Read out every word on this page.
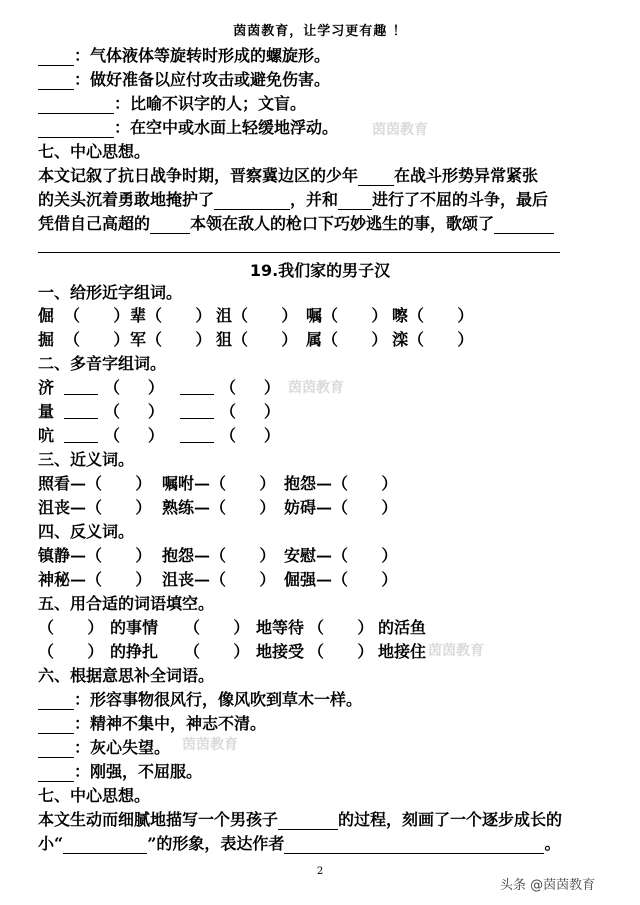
茵茵教育，让学习更有趣 ！
：气体液体等旋转时形成的螺旋形。
：做好准备以应付攻击或避免伤害。
：比喻不识字的人；文盲。
：在空中或水面上轻缓地浮动。	茵茵教育
七、中心思想。
本文记叙了抗日战争时期，晋察冀边区的少年 在战斗形势异常紧张
的关头沉着勇敢地掩护了	，并和 进行了不屈的斗争，最后
凭借自己高超的	本领在敌人的枪口下巧妙逃生的事，歌颂了
19.我们家的男子汉
一、给形近字组词。
倔 （      ） 辈 （      ） 沮 （      ） 嘱 （      ） 嚓 （      ）
掘 （      ） 军 （      ） 狙 （      ） 属 （      ） 滦 （      ）
二、多音字组词。
济	（     ）	（     ） 茵茵教育
量	（     ）	（     ）
吭	（     ）	（     ）
三、近义词。
照看— （      ） 嘱咐— （      ） 抱怨— （      ）
沮丧— （      ） 熟练— （      ） 妨碍— （      ）
四、反义词。
镇静— （      ） 抱怨— （      ） 安慰— （      ）
神秘— （      ） 沮丧— （      ） 倔强— （      ）
五、用合适的词语填空。
（      ） 的事情 （      ） 地等待 （      ） 的活鱼
（      ） 的挣扎 （      ） 地接受 （      ） 地接住 茵茵教育
六、根据意思补全词语。
：形容事物很风行，像风吹到草木一样。
：精神不集中，神志不清。
：灰心失望。 茵茵教育
：刚强，不屈服。
七、中心思想。
本文生动而细腻地描写一个男孩子	的过程，刻画了一个逐步成长的
小“	”的形象，表达作者	。
2
头条 @茵茵教育
